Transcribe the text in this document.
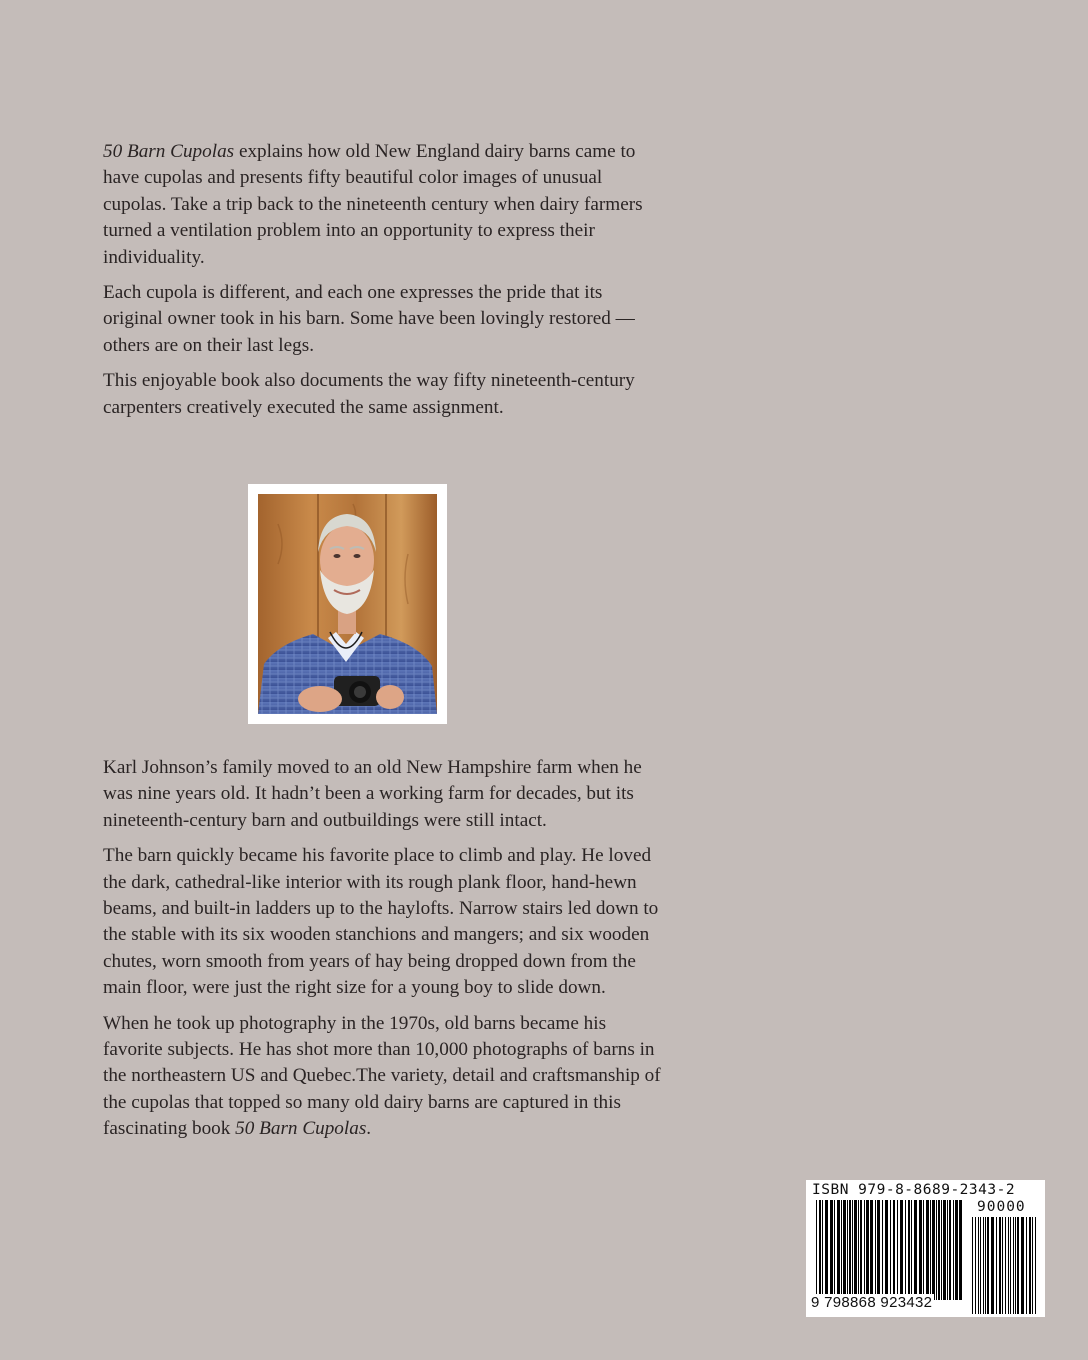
50 Barn Cupolas explains how old New England dairy barns came to have cupolas and presents fifty beautiful color images of unusual cupolas. Take a trip back to the nineteenth century when dairy farmers turned a ventilation problem into an opportunity to express their individuality.

Each cupola is different, and each one expresses the pride that its original owner took in his barn. Some have been lovingly restored — others are on their last legs.

This enjoyable book also documents the way fifty nineteenth-century carpenters creatively executed the same assignment.

Karl Johnson’s family moved to an old New Hampshire farm when he was nine years old. It hadn’t been a working farm for decades, but its nineteenth-century barn and outbuildings were still intact.

The barn quickly became his favorite place to climb and play. He loved the dark, cathedral-like interior with its rough plank floor, hand-hewn beams, and built-in ladders up to the haylofts. Narrow stairs led down to the stable with its six wooden stanchions and mangers; and six wooden chutes, worn smooth from years of hay being dropped down from the main floor, were just the right size for a young boy to slide down.

When he took up photography in the 1970s, old barns became his favorite subjects. He has shot more than 10,000 photographs of barns in the northeastern US and Quebec.The variety, detail and craftsmanship of the cupolas that topped so many old dairy barns are captured in this fascinating book 50 Barn Cupolas.

ISBN 979-8-8689-2343-2
90000
9 798868 923432
